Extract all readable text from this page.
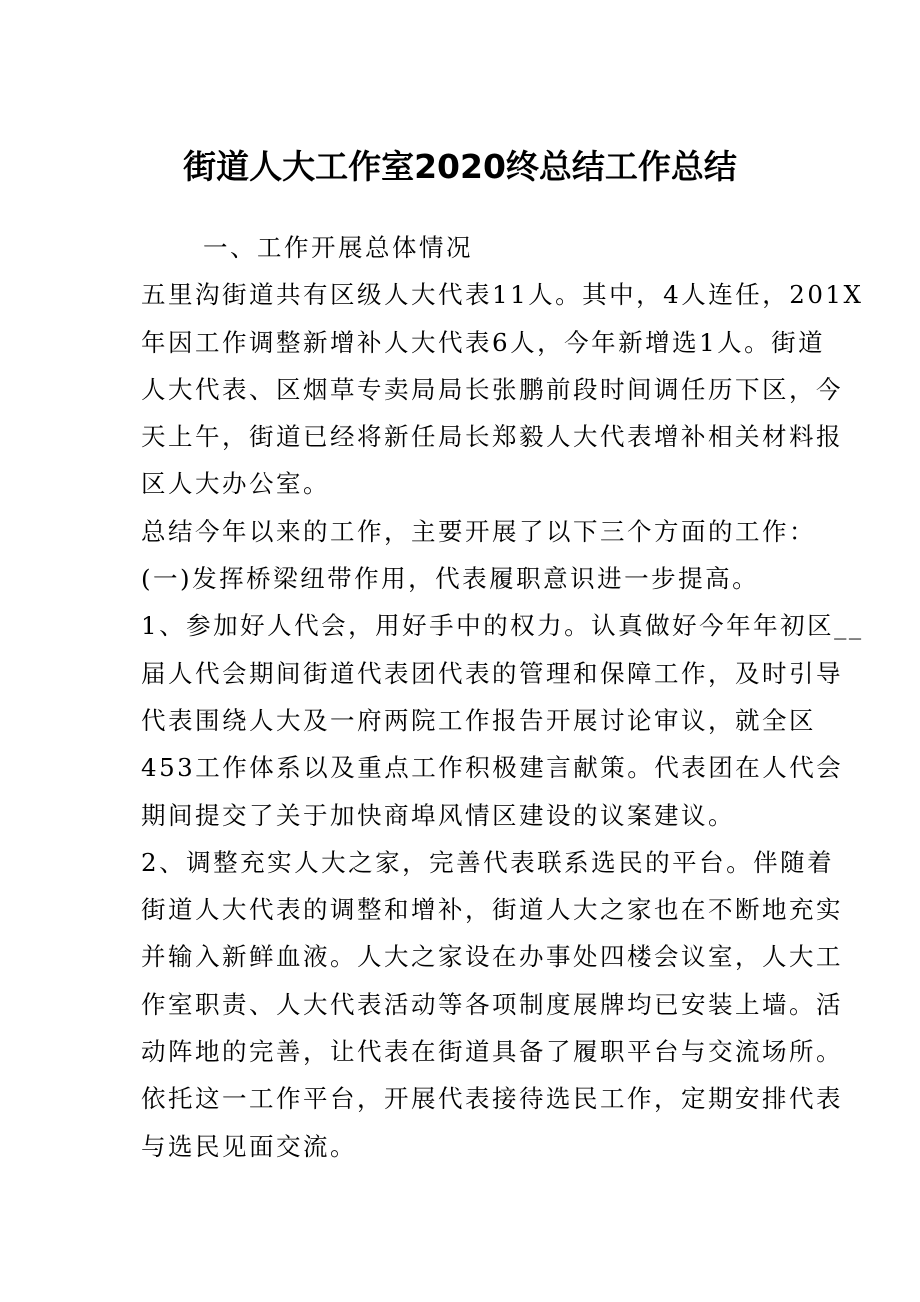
街道人大工作室2020终总结工作总结
一、工作开展总体情况
五里沟街道共有区级人大代表11人。其中，4人连任，201X
年因工作调整新增补人大代表6人，今年新增选1人。街道
人大代表、区烟草专卖局局长张鹏前段时间调任历下区，今
天上午，街道已经将新任局长郑毅人大代表增补相关材料报
区人大办公室。
总结今年以来的工作，主要开展了以下三个方面的工作：
(一)发挥桥梁纽带作用，代表履职意识进一步提高。
1、参加好人代会，用好手中的权力。认真做好今年年初区__
届人代会期间街道代表团代表的管理和保障工作，及时引导
代表围绕人大及一府两院工作报告开展讨论审议，就全区
453工作体系以及重点工作积极建言献策。代表团在人代会
期间提交了关于加快商埠风情区建设的议案建议。
2、调整充实人大之家，完善代表联系选民的平台。伴随着
街道人大代表的调整和增补，街道人大之家也在不断地充实
并输入新鲜血液。人大之家设在办事处四楼会议室，人大工
作室职责、人大代表活动等各项制度展牌均已安装上墙。活
动阵地的完善，让代表在街道具备了履职平台与交流场所。
依托这一工作平台，开展代表接待选民工作，定期安排代表
与选民见面交流。
